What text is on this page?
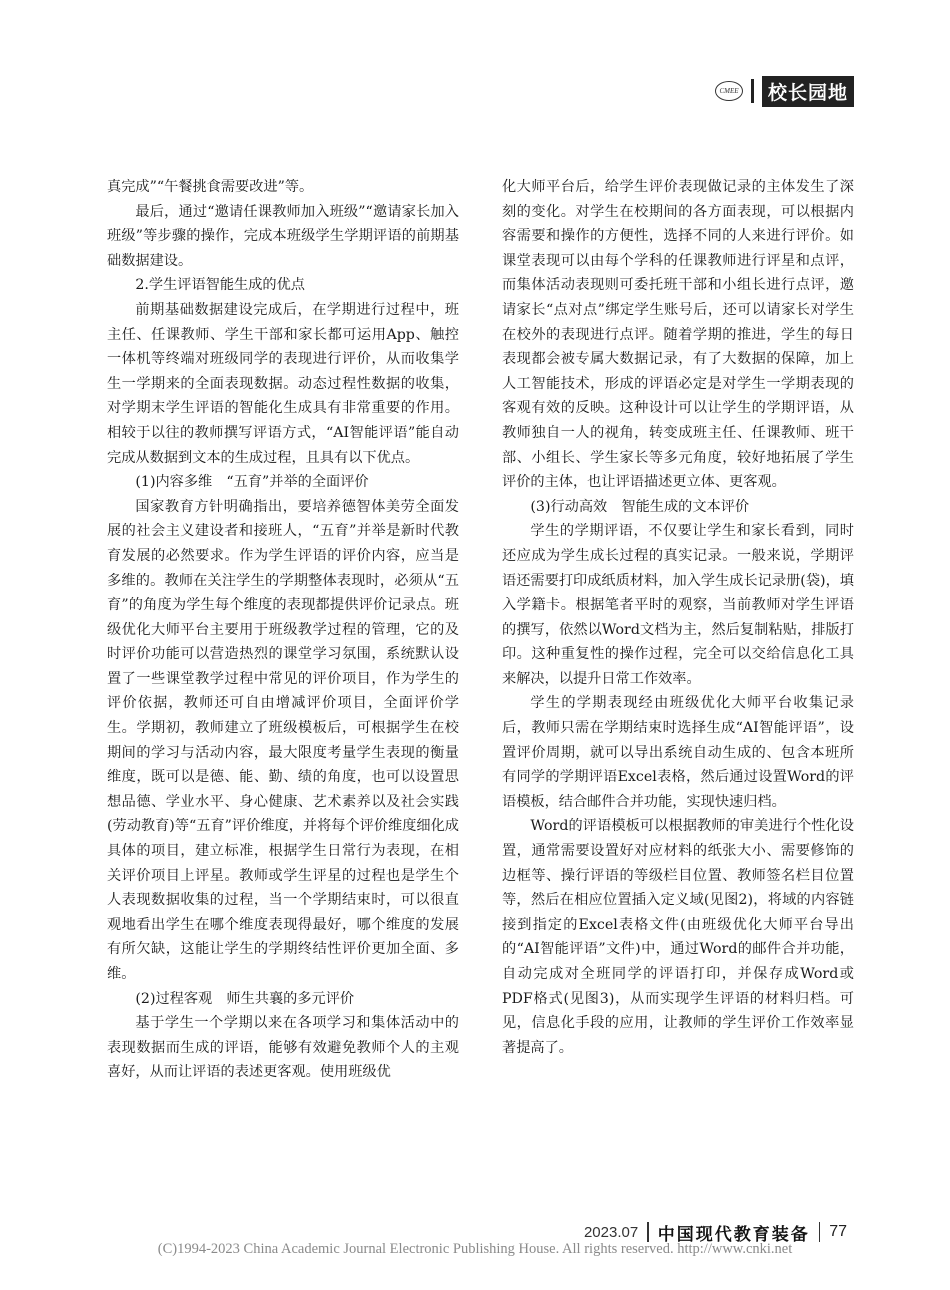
CMEE	校长园地

真完成”“午餐挑食需要改进”等。

最后，通过“邀请任课教师加入班级”“邀请家长加入班级”等步骤的操作，完成本班级学生学期评语的前期基础数据建设。

2.学生评语智能生成的优点

前期基础数据建设完成后，在学期进行过程中，班主任、任课教师、学生干部和家长都可运用App、触控一体机等终端对班级同学的表现进行评价，从而收集学生一学期来的全面表现数据。动态过程性数据的收集，对学期末学生评语的智能化生成具有非常重要的作用。相较于以往的教师撰写评语方式，“AI智能评语”能自动完成从数据到文本的生成过程，且具有以下优点。

(1)内容多维　“五育”并举的全面评价

国家教育方针明确指出，要培养德智体美劳全面发展的社会主义建设者和接班人，“五育”并举是新时代教育发展的必然要求。作为学生评语的评价内容，应当是多维的。教师在关注学生的学期整体表现时，必须从“五育”的角度为学生每个维度的表现都提供评价记录点。班级优化大师平台主要用于班级教学过程的管理，它的及时评价功能可以营造热烈的课堂学习氛围，系统默认设置了一些课堂教学过程中常见的评价项目，作为学生的评价依据，教师还可自由增减评价项目，全面评价学生。学期初，教师建立了班级模板后，可根据学生在校期间的学习与活动内容，最大限度考量学生表现的衡量维度，既可以是德、能、勤、绩的角度，也可以设置思想品德、学业水平、身心健康、艺术素养以及社会实践(劳动教育)等“五育”评价维度，并将每个评价维度细化成具体的项目，建立标准，根据学生日常行为表现，在相关评价项目上评星。教师或学生评星的过程也是学生个人表现数据收集的过程，当一个学期结束时，可以很直观地看出学生在哪个维度表现得最好，哪个维度的发展有所欠缺，这能让学生的学期终结性评价更加全面、多维。

(2)过程客观　师生共襄的多元评价

基于学生一个学期以来在各项学习和集体活动中的表现数据而生成的评语，能够有效避免教师个人的主观喜好，从而让评语的表述更客观。使用班级优

化大师平台后，给学生评价表现做记录的主体发生了深刻的变化。对学生在校期间的各方面表现，可以根据内容需要和操作的方便性，选择不同的人来进行评价。如课堂表现可以由每个学科的任课教师进行评星和点评，而集体活动表现则可委托班干部和小组长进行点评，邀请家长“点对点”绑定学生账号后，还可以请家长对学生在校外的表现进行点评。随着学期的推进，学生的每日表现都会被专属大数据记录，有了大数据的保障，加上人工智能技术，形成的评语必定是对学生一学期表现的客观有效的反映。这种设计可以让学生的学期评语，从教师独自一人的视角，转变成班主任、任课教师、班干部、小组长、学生家长等多元角度，较好地拓展了学生评价的主体，也让评语描述更立体、更客观。

(3)行动高效　智能生成的文本评价

学生的学期评语，不仅要让学生和家长看到，同时还应成为学生成长过程的真实记录。一般来说，学期评语还需要打印成纸质材料，加入学生成长记录册(袋)，填入学籍卡。根据笔者平时的观察，当前教师对学生评语的撰写，依然以Word文档为主，然后复制粘贴，排版打印。这种重复性的操作过程，完全可以交给信息化工具来解决，以提升日常工作效率。

学生的学期表现经由班级优化大师平台收集记录后，教师只需在学期结束时选择生成“AI智能评语”，设置评价周期，就可以导出系统自动生成的、包含本班所有同学的学期评语Excel表格，然后通过设置Word的评语模板，结合邮件合并功能，实现快速归档。

Word的评语模板可以根据教师的审美进行个性化设置，通常需要设置好对应材料的纸张大小、需要修饰的边框等、操行评语的等级栏目位置、教师签名栏目位置等，然后在相应位置插入定义域(见图2)，将域的内容链接到指定的Excel表格文件(由班级优化大师平台导出的“AI智能评语”文件)中，通过Word的邮件合并功能，自动完成对全班同学的评语打印，并保存成Word或PDF格式(见图3)，从而实现学生评语的材料归档。可见，信息化手段的应用，让教师的学生评价工作效率显著提高了。

2023.07 中国现代教育装备 77
(C)1994-2023 China Academic Journal Electronic Publishing House. All rights reserved. http://www.cnki.net
